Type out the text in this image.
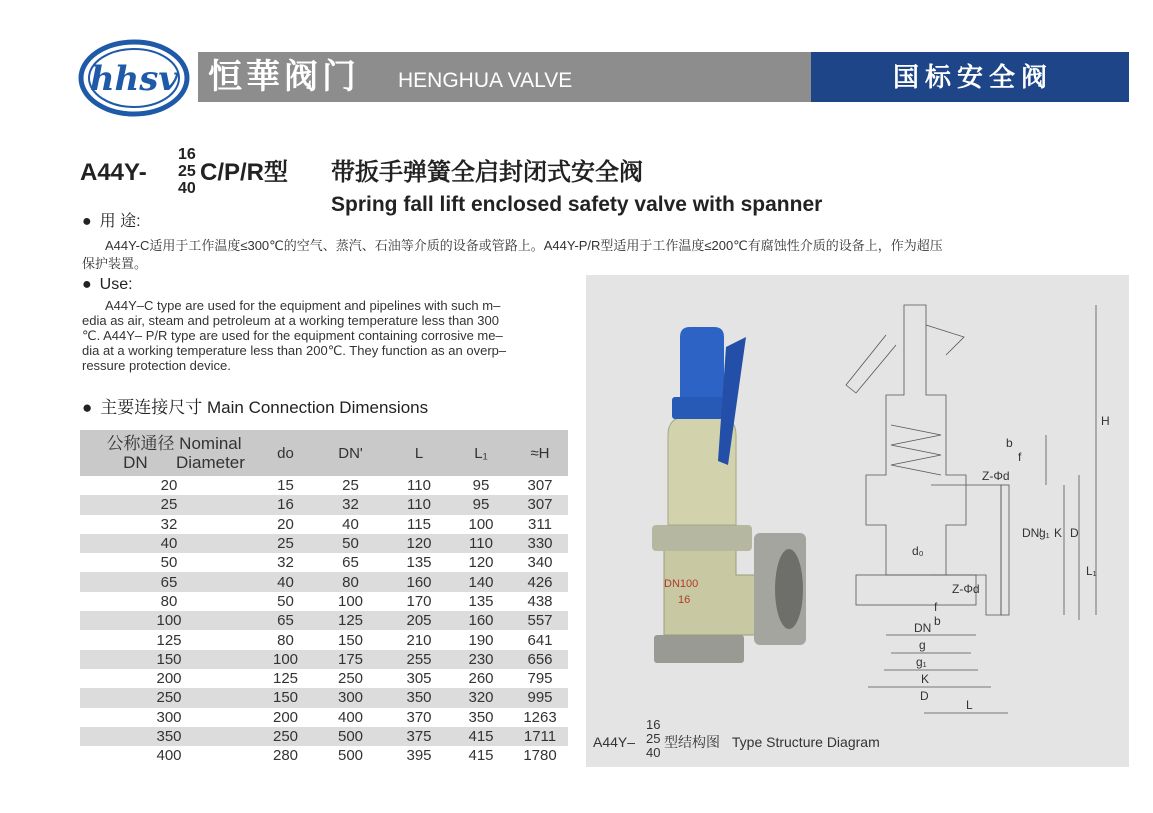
hhsv 恒華阀门 HENGHUA VALVE	国标安全阀
A44Y-
16
25
40
C/P/R型 带扳手弹簧全启封闭式安全阀
Spring fall lift enclosed safety valve with spanner
● 用 途:
A44Y-C适用于工作温度≤300℃的空气、蒸汽、石油等介质的设备或管路上。A44Y-P/R型适用于工作温度≤200℃有腐蚀性介质的设备上，作为超压
保护装置。
● Use:
A44Y–C type are used for the equipment and pipelines with such m–
edia as air, steam and petroleum at a working temperature less than 300
℃. A44Y– P/R type are used for the equipment containing corrosive me–
dia at a working temperature less than 200℃. They function as an overp–
ressure protection device.
● 主要连接尺寸 Main Connection Dimensions
公称通径 Nominal
DN      Diameter	do	DN'	L	L₁	≈H
20	15	25	110	95	307
25	16	32	110	95	307
32	20	40	115	100	311
40	25	50	120	110	330
50	32	65	135	120	340
65	40	80	160	140	426
80	50	100	170	135	438
100	65	125	205	160	557
125	80	150	210	190	641
150	100	175	255	230	656
200	125	250	305	260	795
250	150	300	350	320	995
300	200	400	370	350	1263
350	250	500	375	415	1711
400	280	500	395	415	1780
DN100
16
H
b
f
Z-Φd
DN'
g₁ K D
L₁
d₀
Z-Φd
f
b
DN
g
g₁
K
D
L
A44Y–
16
25
40
型结构图 Type Structure Diagram
